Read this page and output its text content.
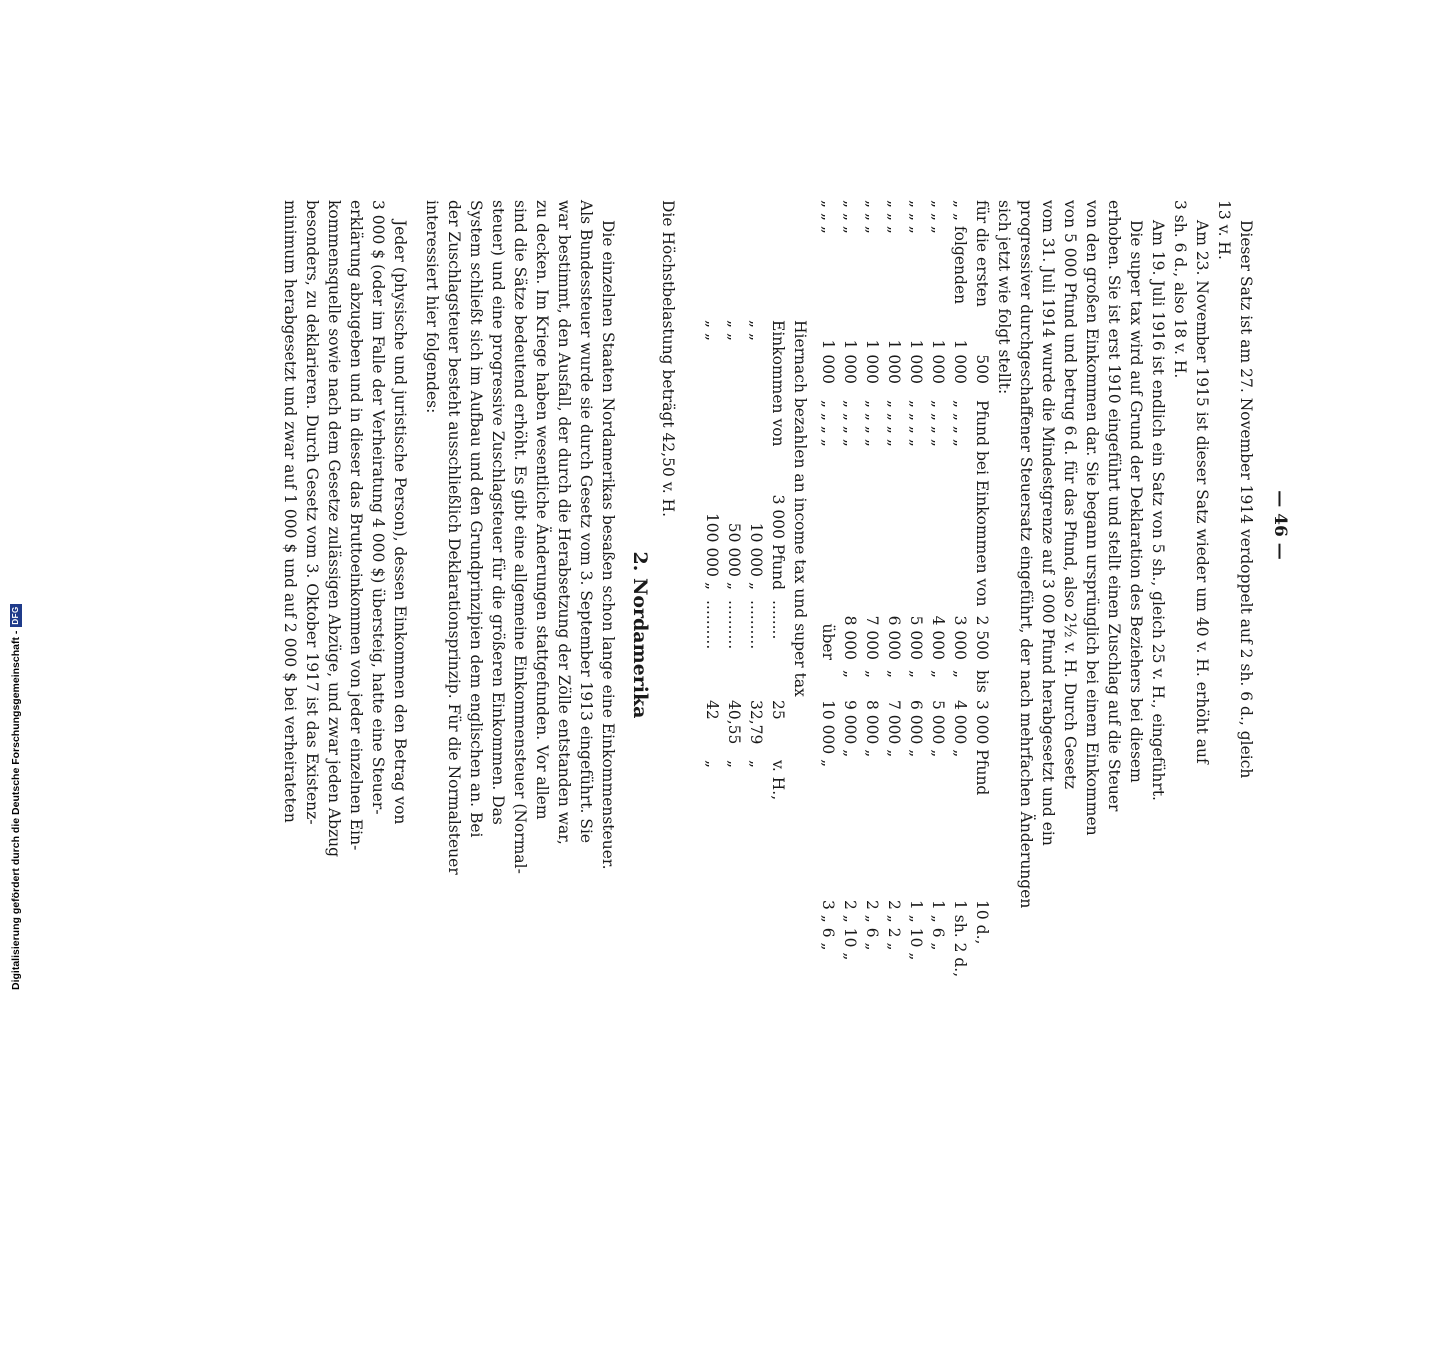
— 46 —
Dieser Satz ist am 27. November 1914 verdoppelt auf 2 sh. 6 d., gleich
13 v. H.
Am 23. November 1915 ist dieser Satz wieder um 40 v. H. erhöht auf
3 sh. 6 d., also 18 v. H.
Am 19. Juli 1916 ist endlich ein Satz von 5 sh., gleich 25 v. H., eingeführt.
Die super tax wird auf Grund der Deklaration des Beziehers bei diesem
erhoben. Sie ist erst 1910 eingeführt und stellt einen Zuschlag auf die Steuer
von den großen Einkommen dar. Sie begann ursprünglich bei einem Einkommen
von 5 000 Pfund und betrug 6 d. für das Pfund, also 2½ v. H. Durch Gesetz
vom 31. Juli 1914 wurde die Mindestgrenze auf 3 000 Pfund herabgesetzt und ein
progressiver durchgeschaffener Steuersatz eingeführt, der nach mehrfachen Änderungen
sich jetzt wie folgt stellt:
für die ersten
500
Pfund bei Einkommen von
2 500
bis
3 000 Pfund
10 d.,
„ „ folgenden
1 000
„ „ „ „
3 000
„
4 000 „
1 sh. 2 d.,
„ „ „
1 000
„ „ „ „
4 000
„
5 000 „
1 „ 6 „
„ „ „
1 000
„ „ „ „
5 000
„
6 000 „
1 „ 10 „
„ „ „
1 000
„ „ „ „
6 000
„
7 000 „
2 „ 2 „
„ „ „
1 000
„ „ „ „
7 000
„
8 000 „
2 „ 6 „
„ „ „
1 000
„ „ „ „
8 000
„
9 000 „
2 „ 10 „
„ „ „
1 000
„ „ „ „
über
10 000 „
3 „ 6 „
Hiernach bezahlen an income tax und super tax
Einkommen von
3 000 Pfund
........
25
v. H.,
„ „
10 000 „
..........
32,79
„
„ „
50 000 „
..........
40,55
„
„ „
100 000 „
..........
42
„
Die Höchstbelastung beträgt 42,50 v. H.
2. Nordamerika
Die einzelnen Staaten Nordamerikas besaßen schon lange eine Einkommensteuer.
Als Bundessteuer wurde sie durch Gesetz vom 3. September 1913 eingeführt. Sie
war bestimmt, den Ausfall, der durch die Herabsetzung der Zölle entstanden war,
zu decken. Im Kriege haben wesentliche Änderungen stattgefunden. Vor allem
sind die Sätze bedeutend erhöht. Es gibt eine allgemeine Einkommensteuer (Normal-
steuer) und eine progressive Zuschlagsteuer für die größeren Einkommen. Das
System schließt sich im Aufbau und den Grundprinzipien dem englischen an. Bei
der Zuschlagsteuer besteht ausschließlich Deklarationsprinzip. Für die Normalsteuer
interessiert hier folgendes:
Jeder (physische und juristische Person), dessen Einkommen den Betrag von
3 000 $ (oder im Falle der Verheiratung 4 000 $) übersteig, hatte eine Steuer-
erklärung abzugeben und in dieser das Bruttoeinkommen von jeder einzelnen Ein-
kommensquelle sowie nach dem Gesetze zulässigen Abzüge, und zwar jeden Abzug
besonders, zu deklarieren. Durch Gesetz vom 3. Oktober 1917 ist das Existenz-
minimum herabgesetzt und zwar auf 1 000 $ und auf 2 000 $ bei verheirateten
Digitalisierung gefördert durch die Deutsche Forschungsgemeinschaft -
DFG
